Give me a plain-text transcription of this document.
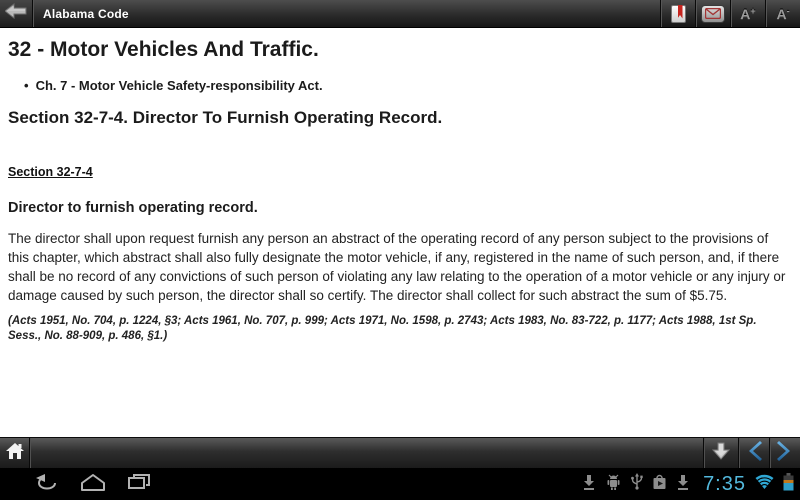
Alabama Code	A + A -
32 - Motor Vehicles And Traffic.
• Ch. 7 - Motor Vehicle Safety-responsibility Act.
Section 32-7-4. Director To Furnish Operating Record.
Section 32-7-4
Director to furnish operating record.

The director shall upon request furnish any person an abstract of the operating record of any person subject to the provisions of this chapter, which abstract shall also fully designate the motor vehicle, if any, registered in the name of such person, and, if there shall be no record of any convictions of such person of violating any law relating to the operation of a motor vehicle or any injury or damage caused by such person, the director shall so certify. The director shall collect for such abstract the sum of $5.75.

(Acts 1951, No. 704, p. 1224, §3; Acts 1961, No. 707, p. 999; Acts 1971, No. 1598, p. 2743; Acts 1983, No. 83-722, p. 1177; Acts 1988, 1st Sp. Sess., No. 88-909, p. 486, §1.)

7:35
